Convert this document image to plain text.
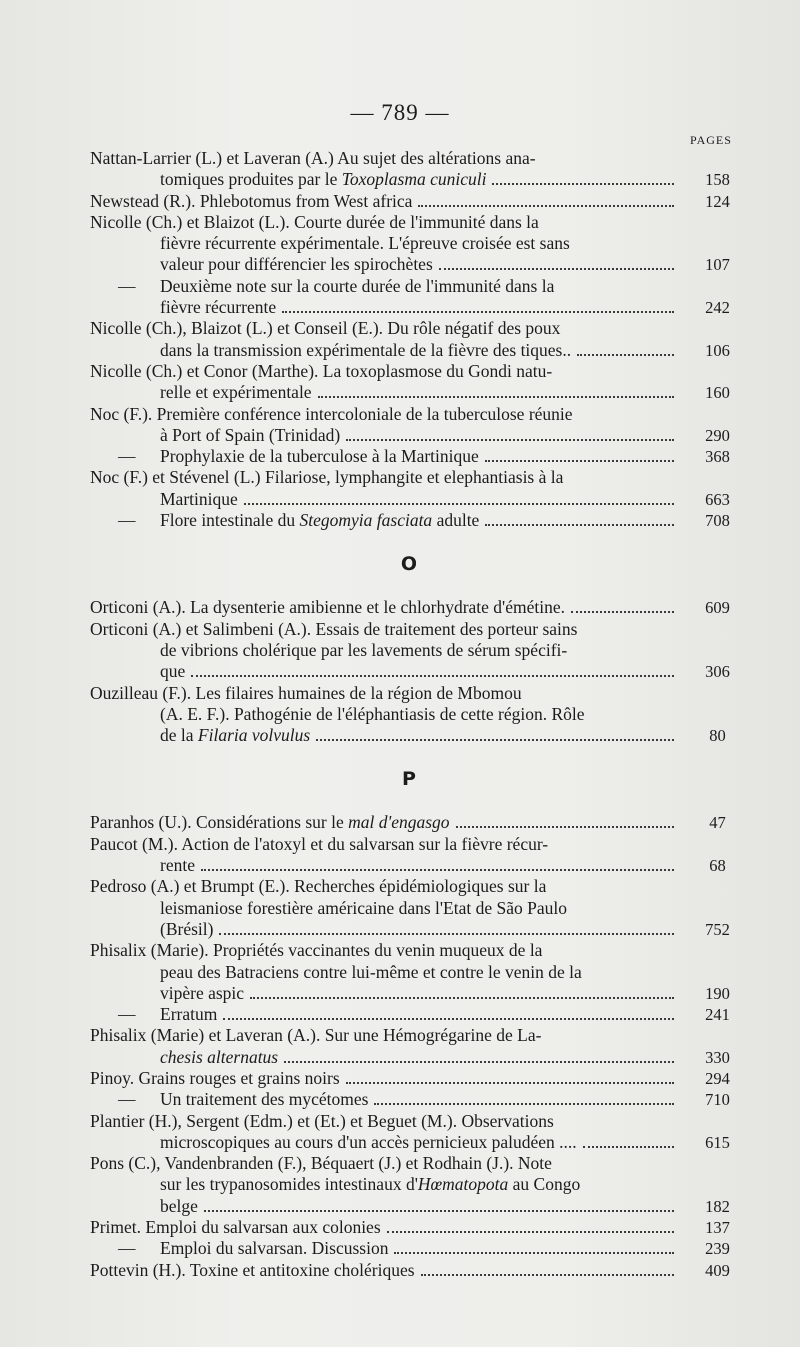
— 789 —
PAGES
Nattan-Larrier (L.) et Laveran (A.) Au sujet des altérations ana-
tomiques produites par le Toxoplasma cuniculi	158
Newstead (R.). Phlebotomus from West africa	124
Nicolle (Ch.) et Blaizot (L.). Courte durée de l'immunité dans la
fièvre récurrente expérimentale. L'épreuve croisée est sans
valeur pour différencier les spirochètes	107
— Deuxième note sur la courte durée de l'immunité dans la
fièvre récurrente	242
Nicolle (Ch.), Blaizot (L.) et Conseil (E.). Du rôle négatif des poux
dans la transmission expérimentale de la fièvre des tiques..	106
Nicolle (Ch.) et Conor (Marthe). La toxoplasmose du Gondi natu-
relle et expérimentale	160
Noc (F.). Première conférence intercoloniale de la tuberculose réunie
à Port of Spain (Trinidad)	290
— Prophylaxie de la tuberculose à la Martinique	368
Noc (F.) et Stévenel (L.) Filariose, lymphangite et elephantiasis à la
Martinique	663
— Flore intestinale du Stegomyia fasciata adulte	708
O
Orticoni (A.). La dysenterie amibienne et le chlorhydrate d'émétine.	609
Orticoni (A.) et Salimbeni (A.). Essais de traitement des porteur sains
de vibrions cholérique par les lavements de sérum spécifi-
que	306
Ouzilleau (F.). Les filaires humaines de la région de Mbomou
(A. E. F.). Pathogénie de l'éléphantiasis de cette région. Rôle
de la Filaria volvulus	80
P
Paranhos (U.). Considérations sur le mal d'engasgo	47
Paucot (M.). Action de l'atoxyl et du salvarsan sur la fièvre récur-
rente	68
Pedroso (A.) et Brumpt (E.). Recherches épidémiologiques sur la
leismaniose forestière américaine dans l'Etat de São Paulo
(Brésil)	752
Phisalix (Marie). Propriétés vaccinantes du venin muqueux de la
peau des Batraciens contre lui-même et contre le venin de la
vipère aspic	190
— Erratum	241
Phisalix (Marie) et Laveran (A.). Sur une Hémogrégarine de La-
chesis alternatus	330
Pinoy. Grains rouges et grains noirs	294
— Un traitement des mycétomes	710
Plantier (H.), Sergent (Edm.) et (Et.) et Beguet (M.). Observations
microscopiques au cours d'un accès pernicieux paludéen ....	615
Pons (C.), Vandenbranden (F.), Béquaert (J.) et Rodhain (J.). Note
sur les trypanosomides intestinaux d'Hœmatopota au Congo
belge	182
Primet. Emploi du salvarsan aux colonies	137
— Emploi du salvarsan. Discussion	239
Pottevin (H.). Toxine et antitoxine cholériques	409
